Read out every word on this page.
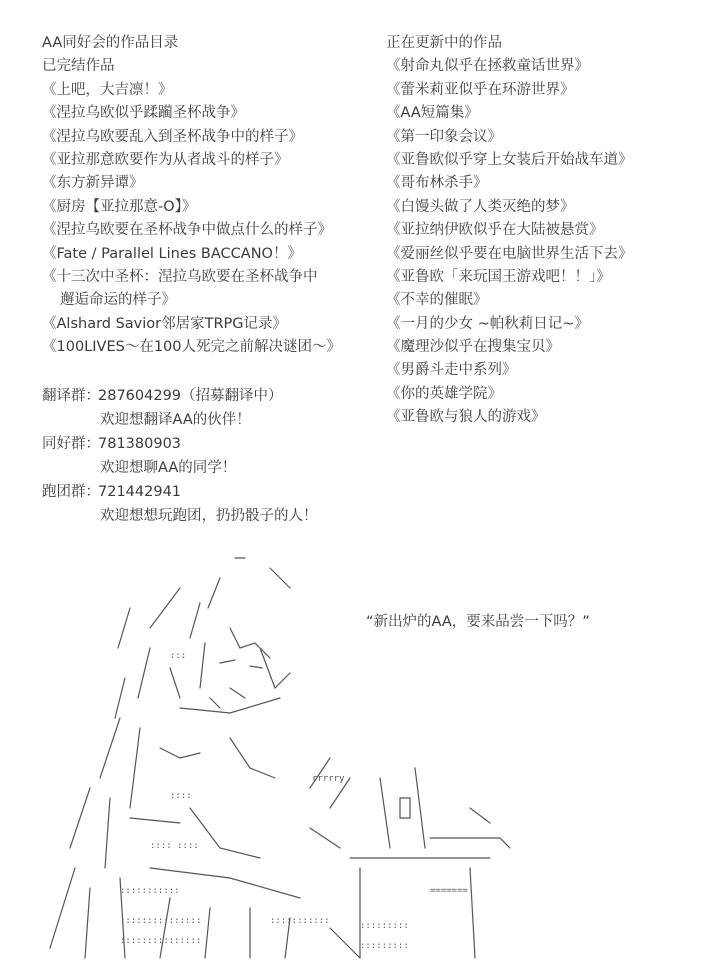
AA同好会的作品目录
已完结作品
《上吧，大吉凛！》
《涅拉乌欧似乎蹂躏圣杯战争》
《涅拉乌欧要乱入到圣杯战争中的样子》
《亚拉那意欧要作为从者战斗的样子》
《东方新异谭》
《厨房【亚拉那意-O】》
《涅拉乌欧要在圣杯战争中做点什么的样子》
《Fate / Parallel Lines BACCANO！》
《十三次中圣杯：涅拉乌欧要在圣杯战争中
邂逅命运的样子》
《Alshard Savior邻居家TRPG记录》
《100LIVES～在100人死完之前解决谜团～》
正在更新中的作品
《射命丸似乎在拯救童话世界》
《蕾米莉亚似乎在环游世界》
《AA短篇集》
《第一印象会议》
《亚鲁欧似乎穿上女装后开始战车道》
《哥布林杀手》
《白馒头做了人类灭绝的梦》
《亚拉纳伊欧似乎在大陆被悬赏》
《爱丽丝似乎要在电脑世界生活下去》
《亚鲁欧「来玩国王游戏吧！！」》
《不幸的催眠》
《一月的少女 ~帕秋莉日记~》
《魔理沙似乎在搜集宝贝》
《男爵斗走中系列》
《你的英雄学院》
《亚鲁欧与狼人的游戏》
翻译群：
287604299（招募翻译中）
欢迎想翻译AA的伙伴！
同好群：
781380903
欢迎想聊AA的同学！
跑团群：
721442941
欢迎想想玩跑团，扔扔骰子的人！
“新出炉的AA，要来品尝一下吗？”
:::
::::
:::: ::::
:::::::::::
:::::::::::::::	:::::::::::
:::::::::::::::
:::::::::
:::::::::
=======
rrrrry
